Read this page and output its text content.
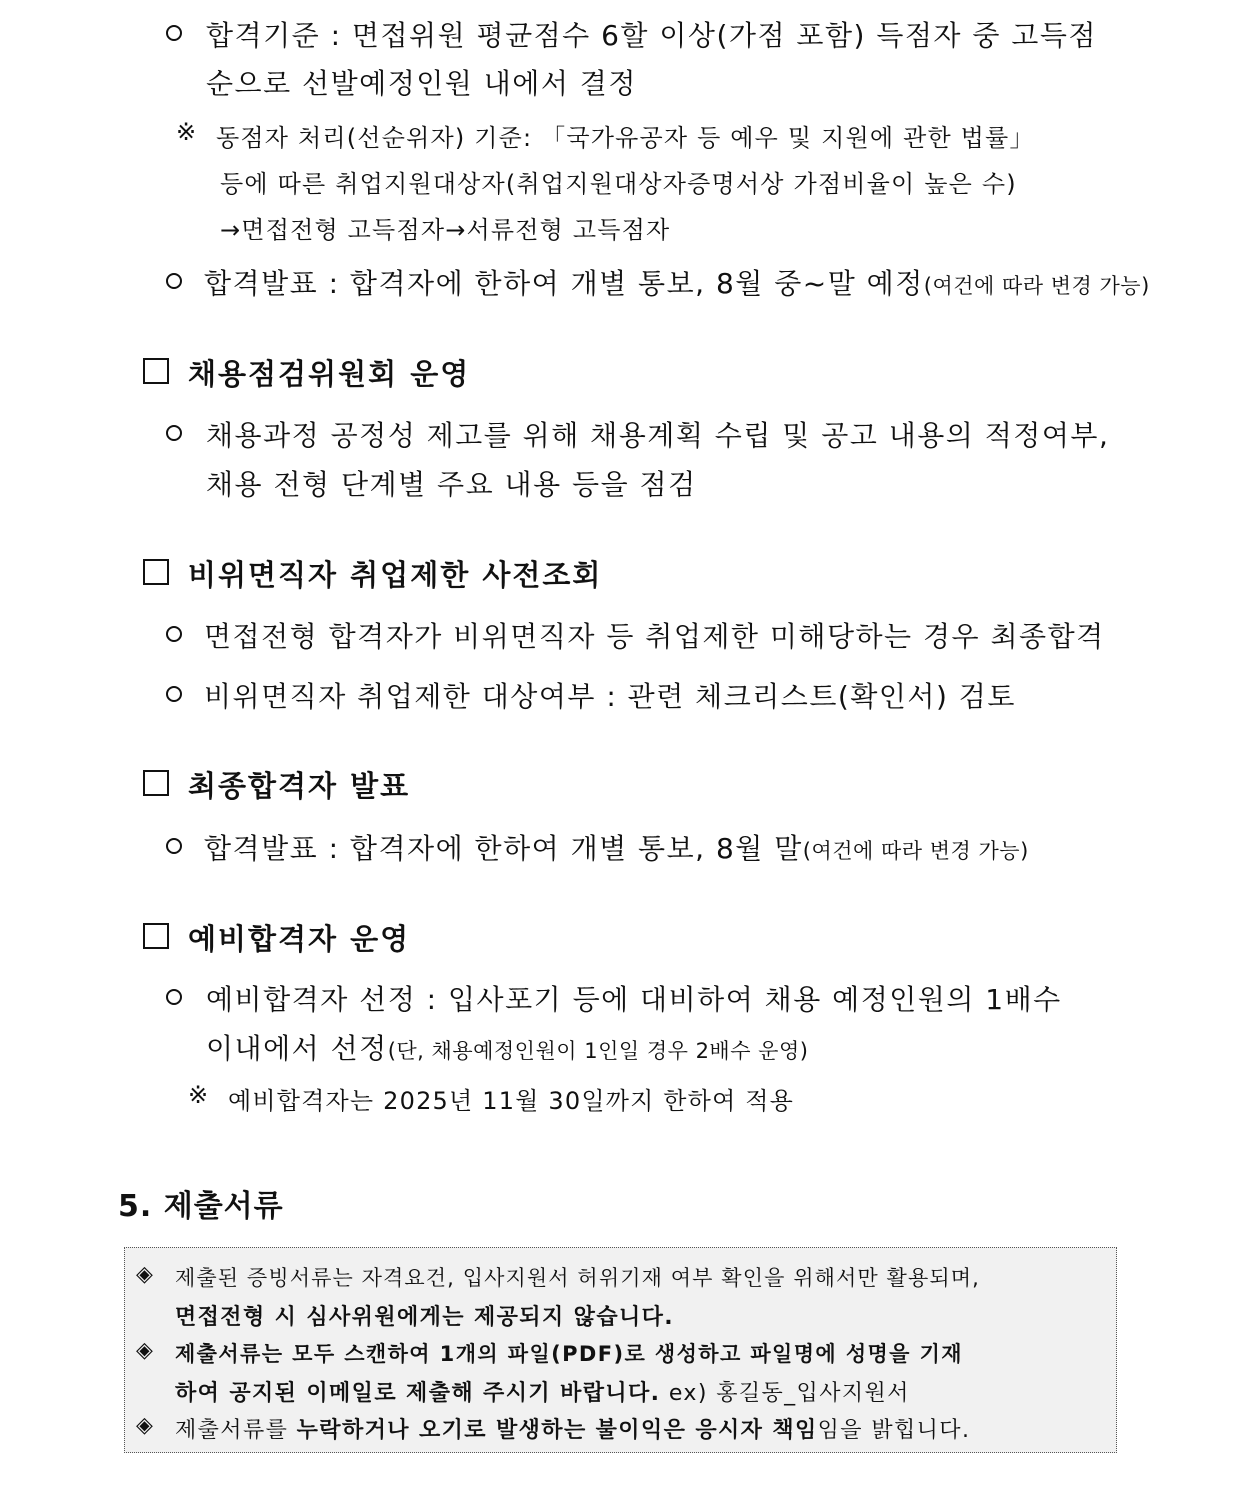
합격기준 : 면접위원 평균점수 6할 이상(가점 포함) 득점자 중 고득점
순으로 선발예정인원 내에서 결정
※ 동점자 처리(선순위자) 기준: 「국가유공자 등 예우 및 지원에 관한 법률」
등에 따른 취업지원대상자(취업지원대상자증명서상 가점비율이 높은 수)
→면접전형 고득점자→서류전형 고득점자
합격발표 : 합격자에 한하여 개별 통보, 8월 중~말 예정(여건에 따라 변경 가능)
채용점검위원회 운영
채용과정 공정성 제고를 위해 채용계획 수립 및 공고 내용의 적정여부,
채용 전형 단계별 주요 내용 등을 점검
비위면직자 취업제한 사전조회
면접전형 합격자가 비위면직자 등 취업제한 미해당하는 경우 최종합격
비위면직자 취업제한 대상여부 : 관련 체크리스트(확인서) 검토
최종합격자 발표
합격발표 : 합격자에 한하여 개별 통보, 8월 말(여건에 따라 변경 가능)
예비합격자 운영
예비합격자 선정 : 입사포기 등에 대비하여 채용 예정인원의 1배수
이내에서 선정(단, 채용예정인원이 1인일 경우 2배수 운영)
※ 예비합격자는 2025년 11월 30일까지 한하여 적용
5. 제출서류
◈ 제출된 증빙서류는 자격요건, 입사지원서 허위기재 여부 확인을 위해서만 활용되며,
면접전형 시 심사위원에게는 제공되지 않습니다.
◈ 제출서류는 모두 스캔하여 1개의 파일(PDF)로 생성하고 파일명에 성명을 기재
하여 공지된 이메일로 제출해 주시기 바랍니다. ex) 홍길동_입사지원서
◈ 제출서류를 누락하거나 오기로 발생하는 불이익은 응시자 책임임을 밝힙니다.
